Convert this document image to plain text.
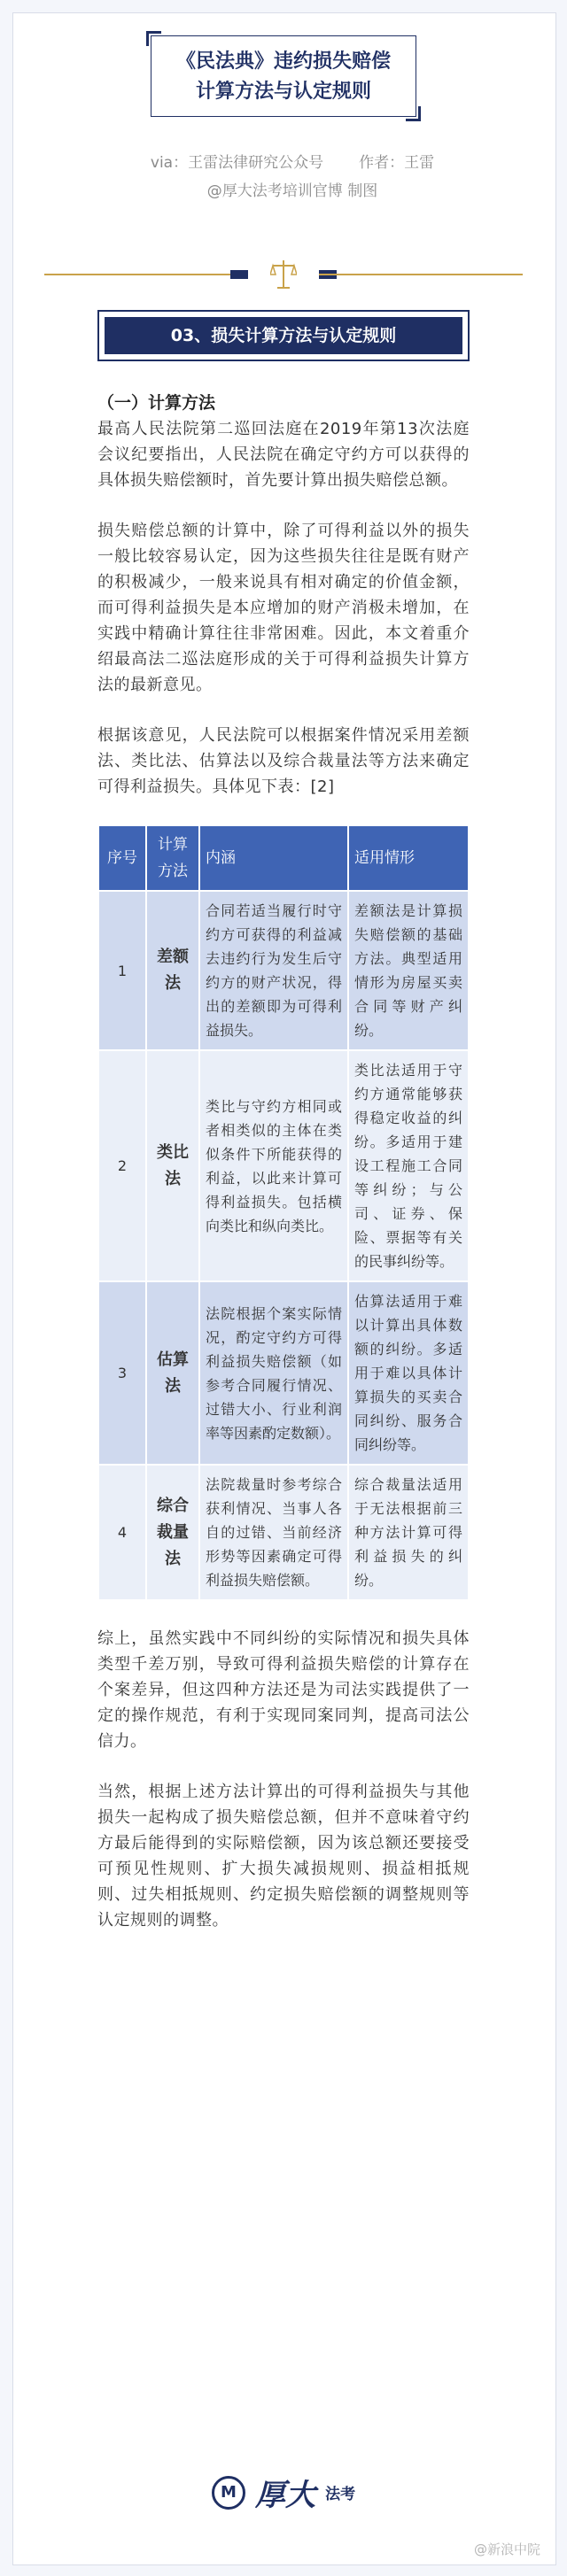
《民法典》违约损失赔偿
计算方法与认定规则
via：王雷法律研究公众号 作者：王雷
@厚大法考培训官博 制图
03、损失计算方法与认定规则
（一）计算方法

最高人民法院第二巡回法庭在2019年第13次法庭会议纪要指出，人民法院在确定守约方可以获得的具体损失赔偿额时，首先要计算出损失赔偿总额。

损失赔偿总额的计算中，除了可得利益以外的损失一般比较容易认定，因为这些损失往往是既有财产的积极减少，一般来说具有相对确定的价值金额，而可得利益损失是本应增加的财产消极未增加，在实践中精确计算往往非常困难。因此，本文着重介绍最高法二巡法庭形成的关于可得利益损失计算方法的最新意见。

根据该意见，人民法院可以根据案件情况采用差额法、类比法、估算法以及综合裁量法等方法来确定可得利益损失。具体见下表：[2]

序号	计算方法	内涵	适用情形
1	差额法	合同若适当履行时守约方可获得的利益减去违约行为发生后守约方的财产状况，得出的差额即为可得利益损失。	差额法是计算损失赔偿额的基础方法。典型适用情形为房屋买卖合同等财产纠纷。
2	类比法	类比与守约方相同或者相类似的主体在类似条件下所能获得的利益，以此来计算可得利益损失。包括横向类比和纵向类比。	类比法适用于守约方通常能够获得稳定收益的纠纷。多适用于建设工程施工合同等纠纷；与公司、证券、保险、票据等有关的民事纠纷等。
3	估算法	法院根据个案实际情况，酌定守约方可得利益损失赔偿额（如参考合同履行情况、过错大小、行业利润率等因素酌定数额）。	估算法适用于难以计算出具体数额的纠纷。多适用于难以具体计算损失的买卖合同纠纷、服务合同纠纷等。
4	综合裁量法	法院裁量时参考综合获利情况、当事人各自的过错、当前经济形势等因素确定可得利益损失赔偿额。	综合裁量法适用于无法根据前三种方法计算可得利益损失的纠纷。

综上，虽然实践中不同纠纷的实际情况和损失具体类型千差万别，导致可得利益损失赔偿的计算存在个案差异，但这四种方法还是为司法实践提供了一定的操作规范，有利于实现同案同判，提高司法公信力。

当然，根据上述方法计算出的可得利益损失与其他损失一起构成了损失赔偿总额，但并不意味着守约方最后能得到的实际赔偿额，因为该总额还要接受可预见性规则、扩大损失减损规则、损益相抵规则、过失相抵规则、约定损失赔偿额的调整规则等认定规则的调整。

M 厚大 法考
@新浪中院
